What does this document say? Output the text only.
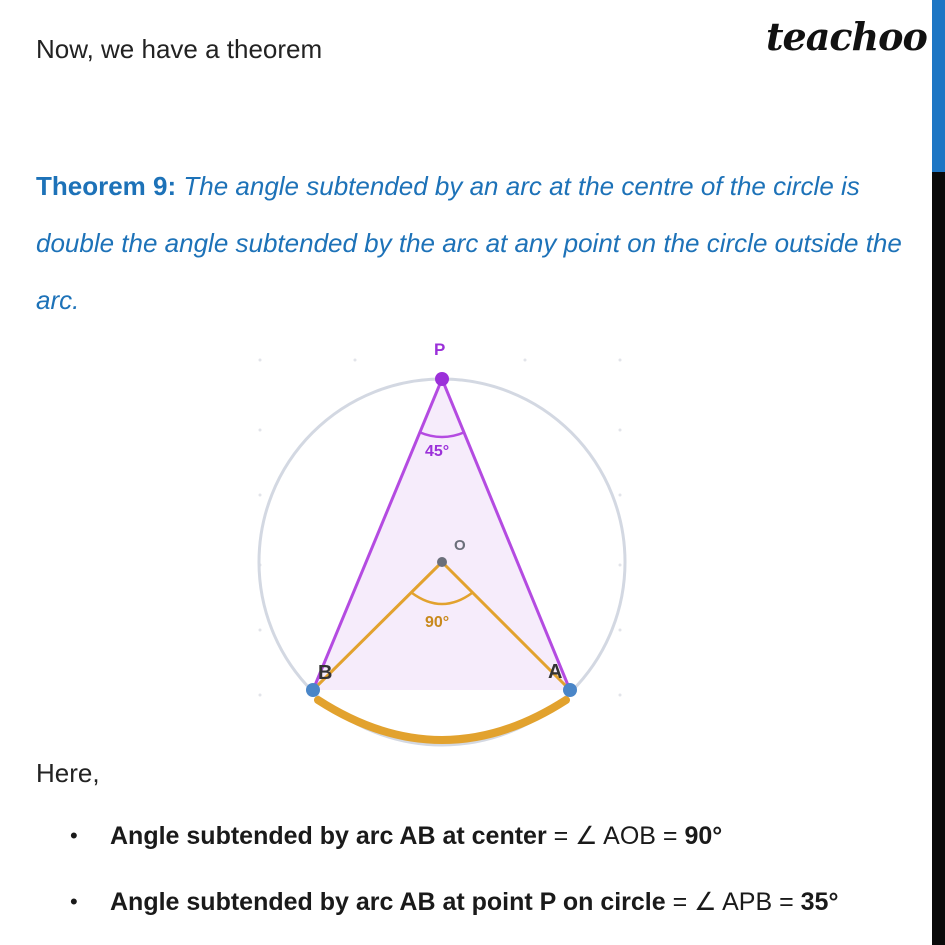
Now, we have a theorem	teachoo
Theorem 9: The angle subtended by an arc at the centre of the circle is double the angle subtended by the arc at any point on the circle outside the arc.
P
O
B	A
45°
90°
Here,
• Angle subtended by arc AB at center = ∠ AOB = 90°
• Angle subtended by arc AB at point P on circle = ∠ APB = 35°
